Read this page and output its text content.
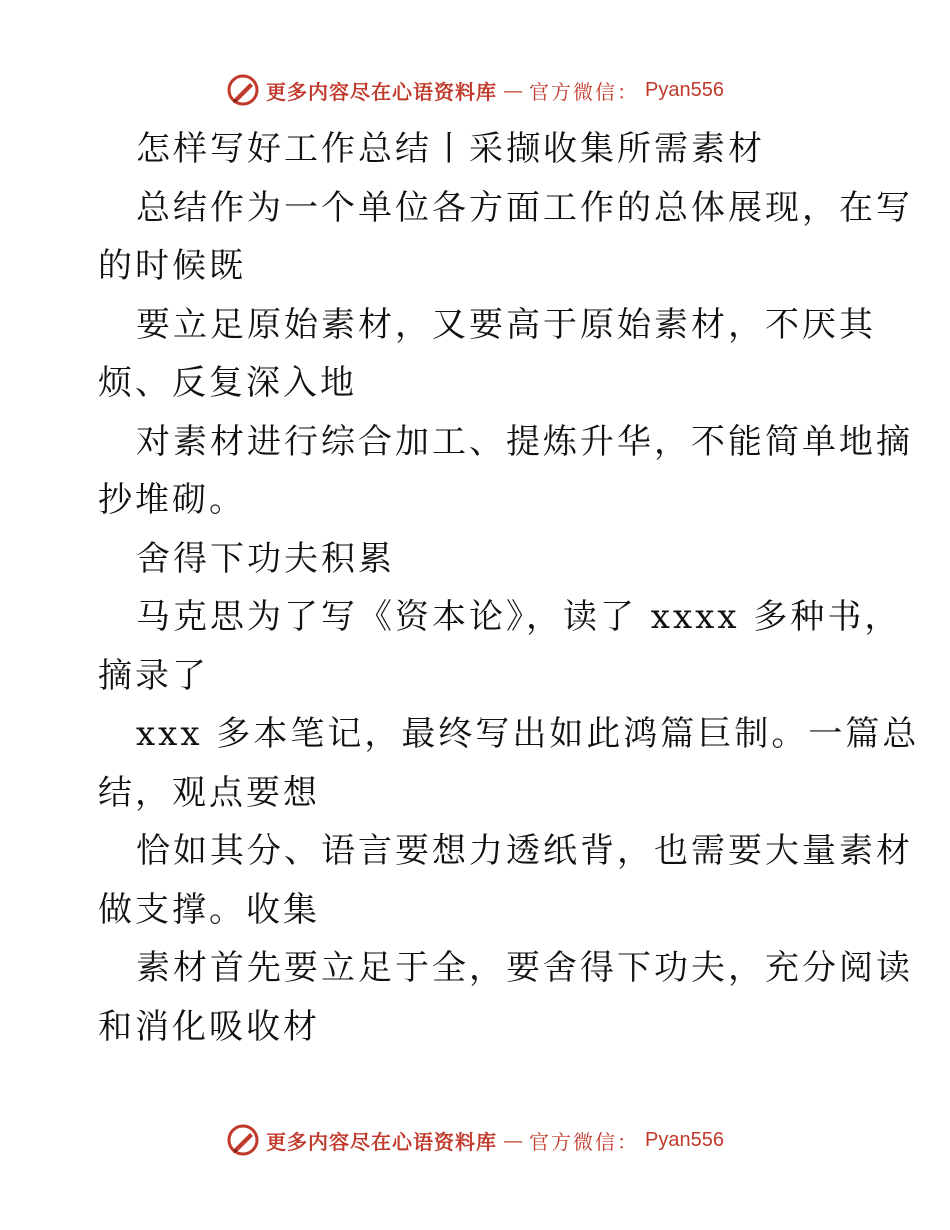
更多内容尽在心语资料库 — 官方微信： Pyan556
怎样写好工作总结丨采撷收集所需素材
总结作为一个单位各方面工作的总体展现，在写
的时候既
要立足原始素材，又要高于原始素材，不厌其
烦、反复深入地
对素材进行综合加工、提炼升华，不能简单地摘
抄堆砌。
舍得下功夫积累
马克思为了写《资本论》，读了 xxxx 多种书，
摘录了
xxx 多本笔记，最终写出如此鸿篇巨制。一篇总
结，观点要想
恰如其分、语言要想力透纸背，也需要大量素材
做支撑。收集
素材首先要立足于全，要舍得下功夫，充分阅读
和消化吸收材
更多内容尽在心语资料库 — 官方微信： Pyan556
